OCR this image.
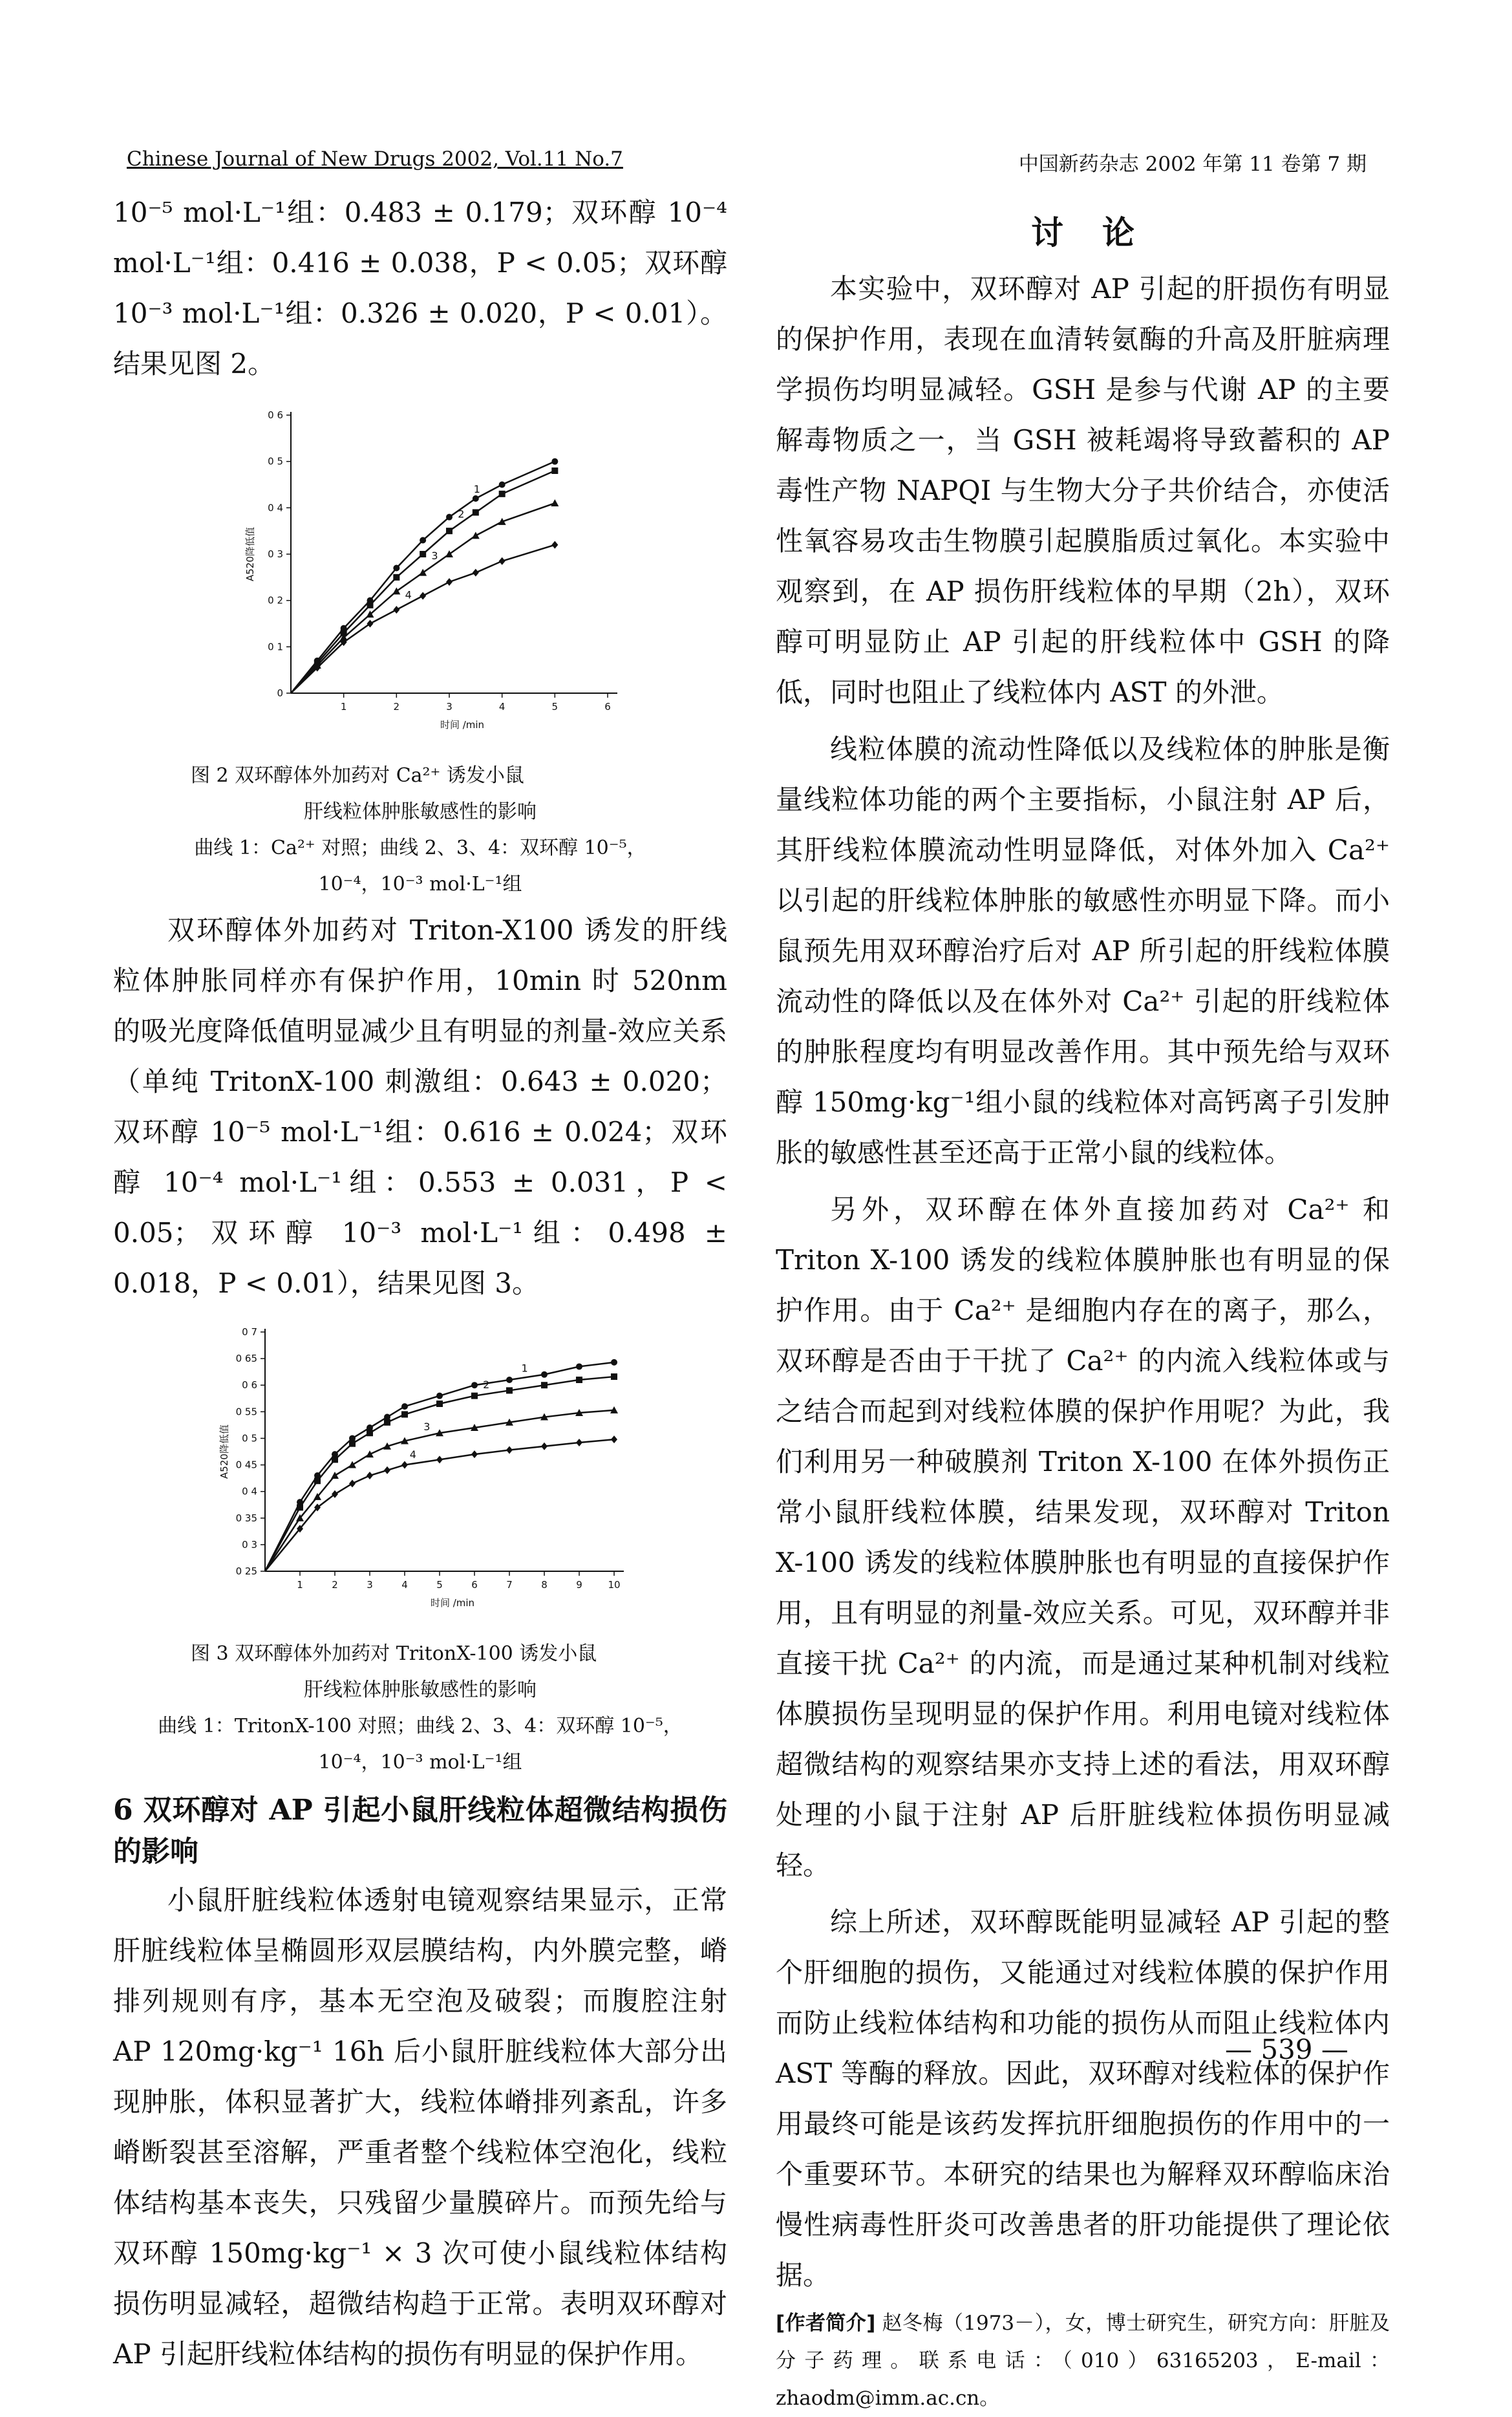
Chinese Journal of New Drugs 2002, Vol.11 No.7	中国新药杂志 2002 年第 11 卷第 7 期

10⁻⁵ mol·L⁻¹组：0.483 ± 0.179；双环醇 10⁻⁴ mol·L⁻¹组：0.416 ± 0.038，P < 0.05；双环醇 10⁻³ mol·L⁻¹组：0.326 ± 0.020，P < 0.01）。结果见图 2。

0
0 1
0 2
0 3
0 4
0 5
0 6
1	2	3	4	5	6
时间 /min
A520降低值
1
2
3
4
图 2 双环醇体外加药对 Ca²⁺ 诱发小鼠
肝线粒体肿胀敏感性的影响
曲线 1：Ca²⁺ 对照；曲线 2、3、4：双环醇 10⁻⁵，
10⁻⁴，10⁻³ mol·L⁻¹组

双环醇体外加药对 Triton-X100 诱发的肝线粒体肿胀同样亦有保护作用，10min 时 520nm 的吸光度降低值明显减少且有明显的剂量-效应关系（单纯 TritonX-100 刺激组：0.643 ± 0.020；双环醇 10⁻⁵ mol·L⁻¹组：0.616 ± 0.024；双环醇 10⁻⁴ mol·L⁻¹组：0.553 ± 0.031，P < 0.05；双环醇 10⁻³ mol·L⁻¹组：0.498 ± 0.018，P < 0.01），结果见图 3。

0 25
0 3
0 35
0 4
0 45
0 5
0 55
0 6
0 65
0 7
1	2	3	4	5	6	7	8	9	10
时间 /min
A520降低值
1
2
3
4
图 3 双环醇体外加药对 TritonX-100 诱发小鼠
肝线粒体肿胀敏感性的影响
曲线 1：TritonX-100 对照；曲线 2、3、4：双环醇 10⁻⁵，
10⁻⁴，10⁻³ mol·L⁻¹组
6 双环醇对 AP 引起小鼠肝线粒体超微结构损伤的影响

小鼠肝脏线粒体透射电镜观察结果显示，正常肝脏线粒体呈椭圆形双层膜结构，内外膜完整，嵴排列规则有序，基本无空泡及破裂；而腹腔注射 AP 120mg·kg⁻¹ 16h 后小鼠肝脏线粒体大部分出现肿胀，体积显著扩大，线粒体嵴排列紊乱，许多嵴断裂甚至溶解，严重者整个线粒体空泡化，线粒体结构基本丧失，只残留少量膜碎片。而预先给与双环醇 150mg·kg⁻¹ × 3 次可使小鼠线粒体结构损伤明显减轻，超微结构趋于正常。表明双环醇对 AP 引起肝线粒体结构的损伤有明显的保护作用。

讨论

本实验中，双环醇对 AP 引起的肝损伤有明显的保护作用，表现在血清转氨酶的升高及肝脏病理学损伤均明显减轻。GSH 是参与代谢 AP 的主要解毒物质之一，当 GSH 被耗竭将导致蓄积的 AP 毒性产物 NAPQI 与生物大分子共价结合，亦使活性氧容易攻击生物膜引起膜脂质过氧化。本实验中观察到，在 AP 损伤肝线粒体的早期（2h），双环醇可明显防止 AP 引起的肝线粒体中 GSH 的降低，同时也阻止了线粒体内 AST 的外泄。

线粒体膜的流动性降低以及线粒体的肿胀是衡量线粒体功能的两个主要指标，小鼠注射 AP 后，其肝线粒体膜流动性明显降低，对体外加入 Ca²⁺ 以引起的肝线粒体肿胀的敏感性亦明显下降。而小鼠预先用双环醇治疗后对 AP 所引起的肝线粒体膜流动性的降低以及在体外对 Ca²⁺ 引起的肝线粒体的肿胀程度均有明显改善作用。其中预先给与双环醇 150mg·kg⁻¹组小鼠的线粒体对高钙离子引发肿胀的敏感性甚至还高于正常小鼠的线粒体。

另外，双环醇在体外直接加药对 Ca²⁺ 和 Triton X-100 诱发的线粒体膜肿胀也有明显的保护作用。由于 Ca²⁺ 是细胞内存在的离子，那么，双环醇是否由于干扰了 Ca²⁺ 的内流入线粒体或与之结合而起到对线粒体膜的保护作用呢？为此，我们利用另一种破膜剂 Triton X-100 在体外损伤正常小鼠肝线粒体膜，结果发现，双环醇对 Triton X-100 诱发的线粒体膜肿胀也有明显的直接保护作用，且有明显的剂量-效应关系。可见，双环醇并非直接干扰 Ca²⁺ 的内流，而是通过某种机制对线粒体膜损伤呈现明显的保护作用。利用电镜对线粒体超微结构的观察结果亦支持上述的看法，用双环醇处理的小鼠于注射 AP 后肝脏线粒体损伤明显减轻。

综上所述，双环醇既能明显减轻 AP 引起的整个肝细胞的损伤，又能通过对线粒体膜的保护作用而防止线粒体结构和功能的损伤从而阻止线粒体内 AST 等酶的释放。因此，双环醇对线粒体的保护作用最终可能是该药发挥抗肝细胞损伤的作用中的一个重要环节。本研究的结果也为解释双环醇临床治慢性病毒性肝炎可改善患者的肝功能提供了理论依据。

[作者简介] 赵冬梅（1973－），女，博士研究生，研究方向：肝脏及分子药理。联系电话：（010）63165203，E-mail：zhaodm@imm.ac.cn。
— 539 —
